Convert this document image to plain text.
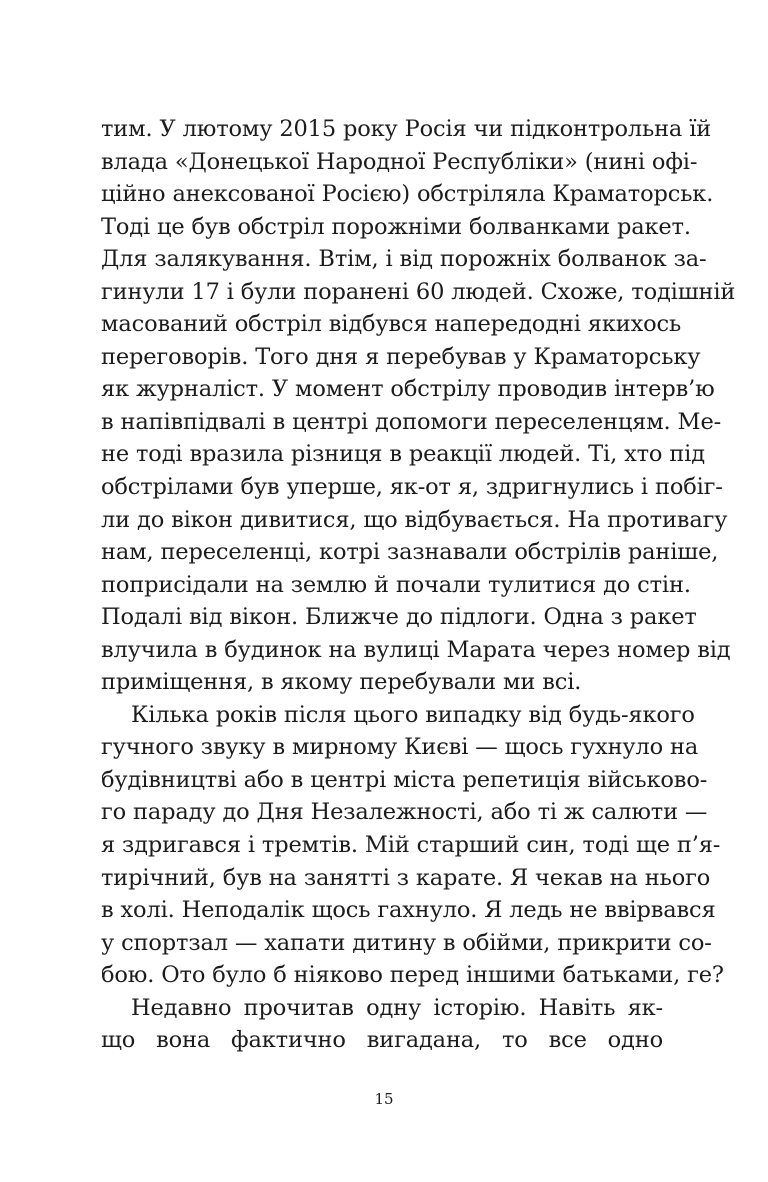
тим. У лютому 2015 року Росія чи підконтрольна їй
влада «Донецької Народної Республіки» (нині офі-
ційно анексованої Росією) обстріляла Краматорськ.
Тоді це був обстріл порожніми болванками ракет.
Для залякування. Втім, і від порожніх болванок за-
гинули 17 і були поранені 60 людей. Схоже, тодішній
масований обстріл відбувся напередодні якихось
переговорів. Того дня я перебував у Краматорську
як журналіст. У момент обстрілу проводив інтерв’ю
в напівпідвалі в центрі допомоги переселенцям. Ме-
не тоді вразила різниця в реакції людей. Ті, хто під
обстрілами був уперше, як-от я, здригнулись і побіг-
ли до вікон дивитися, що відбувається. На противагу
нам, переселенці, котрі зазнавали обстрілів раніше,
поприсідали на землю й почали тулитися до стін.
Подалі від вікон. Ближче до підлоги. Одна з ракет
влучила в будинок на вулиці Марата через номер від
приміщення, в якому перебували ми всі.
Кілька років після цього випадку від будь-якого
гучного звуку в мирному Києві — щось гухнуло на
будівництві або в центрі міста репетиція військово-
го параду до Дня Незалежності, або ті ж салюти —
я здригався і тремтів. Мій старший син, тоді ще п’я-
тирічний, був на занятті з карате. Я чекав на нього
в холі. Неподалік щось гахнуло. Я ледь не ввірвався
у спортзал — хапати дитину в обійми, прикрити со-
бою. Ото було б ніяково перед іншими батьками, ге?
Недавно прочитав одну історію. Навіть як-
що вона фактично вигадана, то все одно
15
